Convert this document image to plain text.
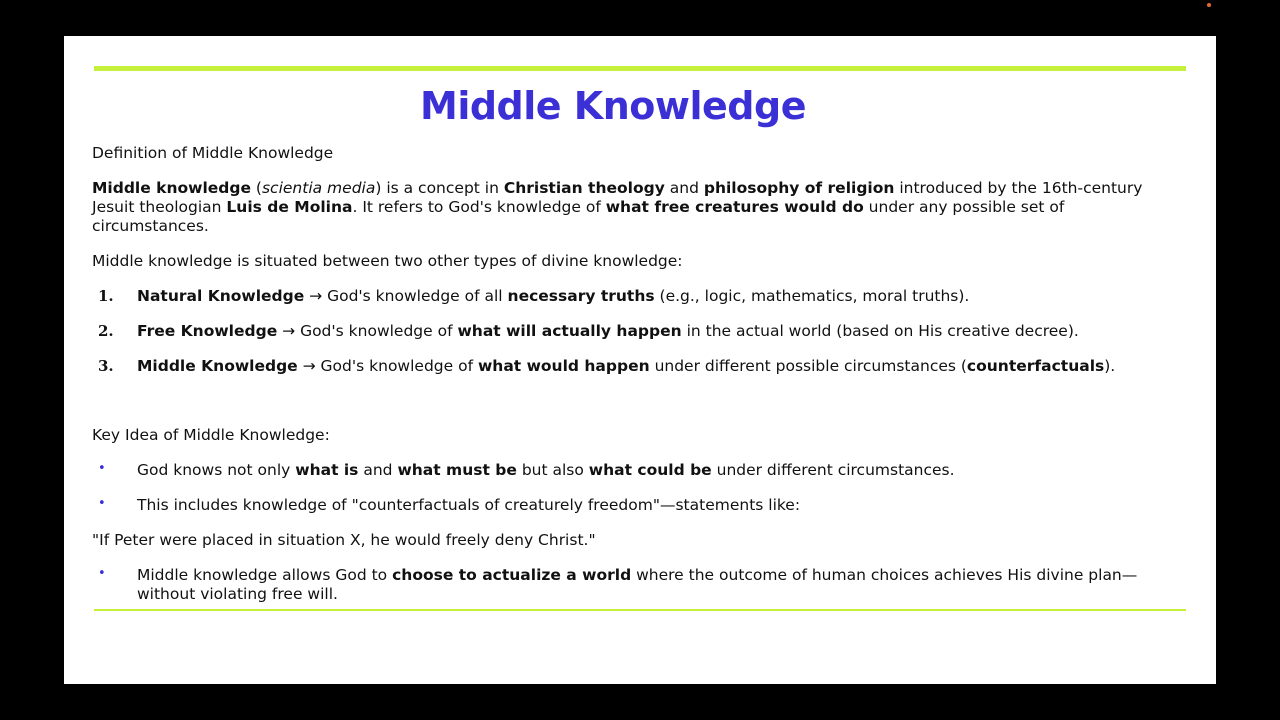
Middle Knowledge

Definition of Middle Knowledge

Middle knowledge (scientia media) is a concept in Christian theology and philosophy of religion introduced by the 16th-century Jesuit theologian Luis de Molina. It refers to God's knowledge of what free creatures would do under any possible set of circumstances.

Middle knowledge is situated between two other types of divine knowledge:

1. Natural Knowledge → God's knowledge of all necessary truths (e.g., logic, mathematics, moral truths).

2. Free Knowledge → God's knowledge of what will actually happen in the actual world (based on His creative decree).

3. Middle Knowledge → God's knowledge of what would happen under different possible circumstances (counterfactuals).

Key Idea of Middle Knowledge:

• God knows not only what is and what must be but also what could be under different circumstances.

• This includes knowledge of "counterfactuals of creaturely freedom"—statements like:

"If Peter were placed in situation X, he would freely deny Christ."

• Middle knowledge allows God to choose to actualize a world where the outcome of human choices achieves His divine plan—without violating free will.
